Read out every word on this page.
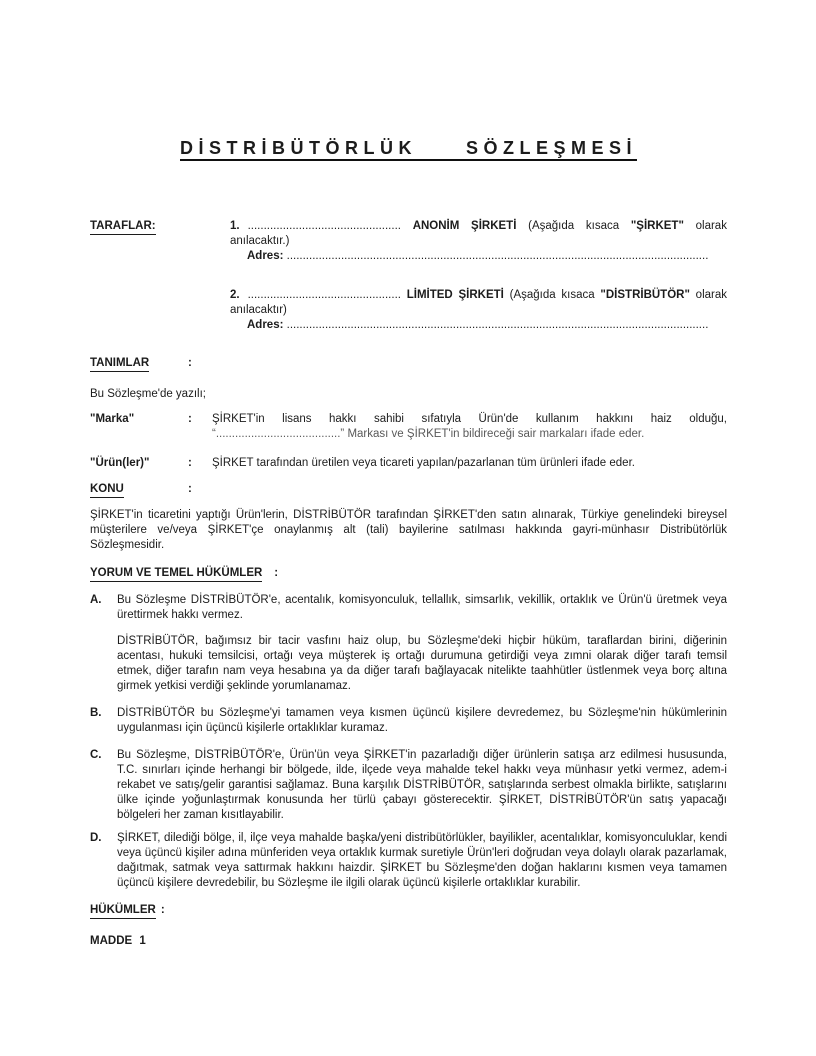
DİSTRİBÜTÖRLÜK  SÖZLEŞMESİ
TARAFLAR:	1. ................................................ ANONİM ŞİRKETİ (Aşağıda kısaca "ŞİRKET" olarak anılacaktır.)

Adres: ....................................................................................................................................

2. ................................................ LİMİTED ŞİRKETİ (Aşağıda kısaca "DİSTRİBÜTÖR" olarak anılacaktır)

Adres: ....................................................................................................................................

TANIMLAR	:

Bu Sözleşme'de yazılı;

"Marka"	:	ŞİRKET'in lisans hakkı sahibi sıfatıyla Ürün'de kullanım hakkını haiz olduğu, “.......................................” Markası ve ŞİRKET'in bildireceği sair markaları ifade eder.

"Ürün(ler)"	:	ŞİRKET tarafından üretilen veya ticareti yapılan/pazarlanan tüm ürünleri ifade eder.

KONU	:

ŞİRKET'in ticaretini yaptığı Ürün'lerin, DİSTRİBÜTÖR tarafından ŞİRKET'den satın alınarak, Türkiye genelindeki bireysel müşterilere ve/veya ŞİRKET'çe onaylanmış alt (tali) bayilerine satılması hakkında gayri-münhasır Distribütörlük Sözleşmesidir.

YORUM VE TEMEL HÜKÜMLER :
A.	Bu Sözleşme DİSTRİBÜTÖR'e, acentalık, komisyonculuk, tellallık, simsarlık, vekillik, ortaklık ve Ürün'ü üretmek veya ürettirmek hakkı vermez.

DİSTRİBÜTÖR, bağımsız bir tacir vasfını haiz olup, bu Sözleşme'deki hiçbir hüküm, taraflardan birini, diğerinin acentası, hukuki temsilcisi, ortağı veya müşterek iş ortağı durumuna getirdiği veya zımni olarak diğer tarafı temsil etmek, diğer tarafın nam veya hesabına ya da diğer tarafı bağlayacak nitelikte taahhütler üstlenmek veya borç altına girmek yetkisi verdiği şeklinde yorumlanamaz.

B.	DİSTRİBÜTÖR bu Sözleşme'yi tamamen veya kısmen üçüncü kişilere devredemez, bu Sözleşme'nin hükümlerinin uygulanması için üçüncü kişilerle ortaklıklar kuramaz.

C.	Bu Sözleşme, DİSTRİBÜTÖR'e, Ürün'ün veya ŞİRKET'in pazarladığı diğer ürünlerin satışa arz edilmesi hususunda, T.C. sınırları içinde herhangi bir bölgede, ilde, ilçede veya mahalde tekel hakkı veya münhasır yetki vermez, adem-i rekabet ve satış/gelir garantisi sağlamaz. Buna karşılık DİSTRİBÜTÖR, satışlarında serbest olmakla birlikte, satışlarını ülke içinde yoğunlaştırmak konusunda her türlü çabayı gösterecektir. ŞİRKET, DİSTRİBÜTÖR'ün satış yapacağı bölgeleri her zaman kısıtlayabilir.

D.	ŞİRKET, dilediği bölge, il, ilçe veya mahalde başka/yeni distribütörlükler, bayilikler, acentalıklar, komisyonculuklar, kendi veya üçüncü kişiler adına münferiden veya ortaklık kurmak suretiyle Ürün'leri doğrudan veya dolaylı olarak pazarlamak, dağıtmak, satmak veya sattırmak hakkını haizdir. ŞİRKET bu Sözleşme'den doğan haklarını kısmen veya tamamen üçüncü kişilere devredebilir, bu Sözleşme ile ilgili olarak üçüncü kişilerle ortaklıklar kurabilir.

HÜKÜMLER :

MADDE 1
